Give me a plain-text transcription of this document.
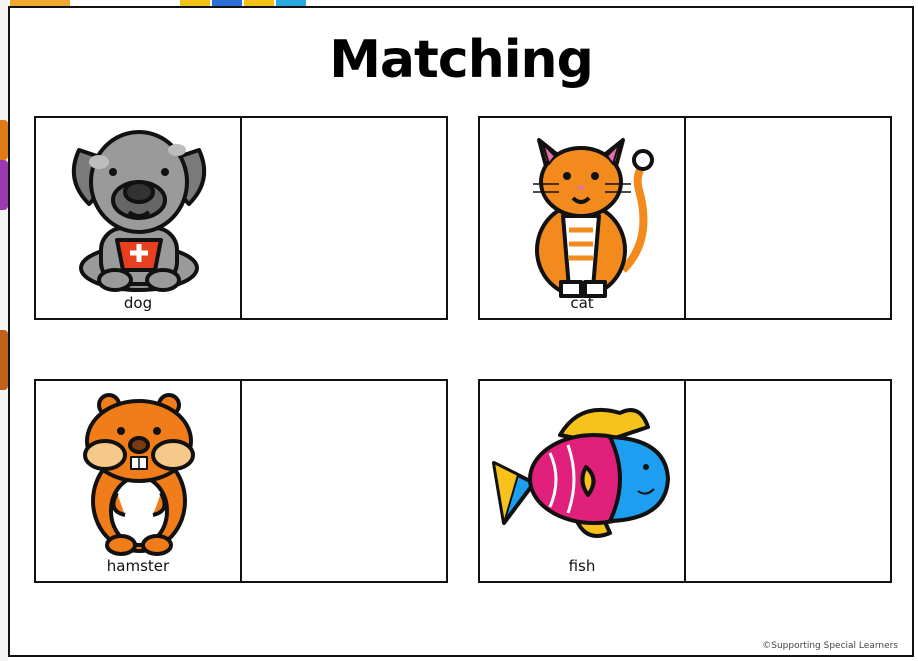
Matching
dog	cat
hamster	fish
©Supporting Special Learners
